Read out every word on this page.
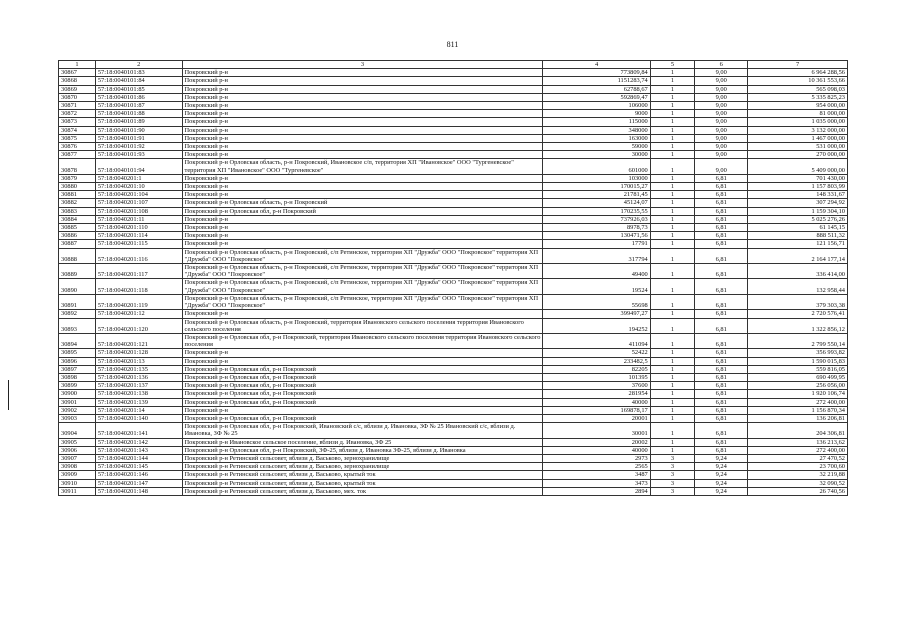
811
1	2	3	4	5	6	7
30867	57:18:0040101:83	Покровский р-н	773809,84	1	9,00	6 964 288,56
30868	57:18:0040101:84	Покровский р-н	1151283,74	1	9,00	10 361 553,66
30869	57:18:0040101:85	Покровский р-н	62788,67	1	9,00	565 098,03
30870	57:18:0040101:86	Покровский р-н	592869,47	1	9,00	5 335 825,23
30871	57:18:0040101:87	Покровский р-н	106000	1	9,00	954 000,00
30872	57:18:0040101:88	Покровский р-н	9000	1	9,00	81 000,00
30873	57:18:0040101:89	Покровский р-н	115000	1	9,00	1 035 000,00
30874	57:18:0040101:90	Покровский р-н	348000	1	9,00	3 132 000,00
30875	57:18:0040101:91	Покровский р-н	163000	1	9,00	1 467 000,00
30876	57:18:0040101:92	Покровский р-н	59000	1	9,00	531 000,00
30877	57:18:0040101:93	Покровский р-н	30000	1	9,00	270 000,00
30878	57:18:0040101:94	Покровский р-н Орловская область, р-н Покровский, Ивановское с/п, территория ХП "Ивановское" ООО "Тургеневское" территория ХП "Ивановское" ООО "Тургеневское"	601000	1	9,00	5 409 000,00
30879	57:18:0040201:1	Покровский р-н	103000	1	6,81	701 430,00
30880	57:18:0040201:10	Покровский р-н	170015,27	1	6,81	1 157 803,99
30881	57:18:0040201:104	Покровский р-н	21781,45	1	6,81	148 331,67
30882	57:18:0040201:107	Покровский р-н Орловская область, р-н Покровский	45124,07	1	6,81	307 294,92
30883	57:18:0040201:108	Покровский р-н Орловская обл, р-н Покровский	170235,55	1	6,81	1 159 304,10
30884	57:18:0040201:11	Покровский р-н	737926,03	1	6,81	5 025 276,26
30885	57:18:0040201:110	Покровский р-н	8978,73	1	6,81	61 145,15
30886	57:18:0040201:114	Покровский р-н	130471,56	1	6,81	888 511,32
30887	57:18:0040201:115	Покровский р-н	17791	1	6,81	121 156,71
30888	57:18:0040201:116	Покровский р-н Орловская область, р-н Покровский, с/п Ретинское, территория ХП "Дружба" ООО "Покровское" территория ХП "Дружба" ООО "Покровское"	317794	1	6,81	2 164 177,14
30889	57:18:0040201:117	Покровский р-н Орловская область, р-н Покровский, с/п Ретинское, территория ХП "Дружба" ООО "Покровское" территория ХП "Дружба" ООО "Покровское"	49400	1	6,81	336 414,00
30890	57:18:0040201:118	Покровский р-н Орловская область, р-н Покровский, с/п Ретинское, территория ХП "Дружба" ООО "Покровское" территория ХП "Дружба" ООО "Покровское"	19524	1	6,81	132 958,44
30891	57:18:0040201:119	Покровский р-н Орловская область, р-н Покровский, с/п Ретинское, территория ХП "Дружба" ООО "Покровское" территория ХП "Дружба" ООО "Покровское"	55698	1	6,81	379 303,38
30892	57:18:0040201:12	Покровский р-н	399497,27	1	6,81	2 720 576,41
30893	57:18:0040201:120	Покровский р-н Орловская область, р-н Покровский, территория Ивановского сельского поселения территория Ивановского сельского поселения	194252	1	6,81	1 322 856,12
30894	57:18:0040201:121	Покровский р-н Орловская обл, р-н Покровский, территория Ивановского сельского поселения территория Ивановского сельского поселения	411094	1	6,81	2 799 550,14
30895	57:18:0040201:128	Покровский р-н	52422	1	6,81	356 993,82
30896	57:18:0040201:13	Покровский р-н	233482,5	1	6,81	1 590 015,83
30897	57:18:0040201:135	Покровский р-н Орловская обл, р-н Покровский	82205	1	6,81	559 816,05
30898	57:18:0040201:136	Покровский р-н Орловская обл, р-н Покровский	101395	1	6,81	690 499,95
30899	57:18:0040201:137	Покровский р-н Орловская обл, р-н Покровский	37600	1	6,81	256 056,00
30900	57:18:0040201:138	Покровский р-н Орловская обл, р-н Покровский	281954	1	6,81	1 920 106,74
30901	57:18:0040201:139	Покровский р-н Орловская обл, р-н Покровский	40000	1	6,81	272 400,00
30902	57:18:0040201:14	Покровский р-н	169878,17	1	6,81	1 156 870,34
30903	57:18:0040201:140	Покровский р-н Орловская обл, р-н Покровский	20001	1	6,81	136 206,81
30904	57:18:0040201:141	Покровский р-н Орловская обл, р-н Покровский, Ивановский с/с, вблизи д. Ивановка, ЗФ № 25 Ивановский с/с, вблизи д. Ивановка, ЗФ № 25	30001	1	6,81	204 306,81
30905	57:18:0040201:142	Покровский р-н Ивановское сельское поселение, вблизи д. Ивановка, ЗФ 25	20002	1	6,81	136 213,62
30906	57:18:0040201:143	Покровский р-н Орловская обл, р-н Покровский, ЗФ-25, вблизи д. Ивановка ЗФ-25, вблизи д. Ивановка	40000	1	6,81	272 400,00
30907	57:18:0040201:144	Покровский р-н Ретинский сельсовет, вблизи д. Васьково, зернохранилище	2973	3	9,24	27 470,52
30908	57:18:0040201:145	Покровский р-н Ретинский сельсовет, вблизи д. Васьково, зернохранилище	2565	3	9,24	23 700,60
30909	57:18:0040201:146	Покровский р-н Ретинский сельсовет, вблизи д. Васьково, крытый ток	3487	3	9,24	32 219,88
30910	57:18:0040201:147	Покровский р-н Ретинский сельсовет, вблизи д. Васьково, крытый ток	3473	3	9,24	32 090,52
30911	57:18:0040201:148	Покровский р-н Ретинский сельсовет, вблизи д. Васьково, мех. ток	2894	3	9,24	26 740,56
